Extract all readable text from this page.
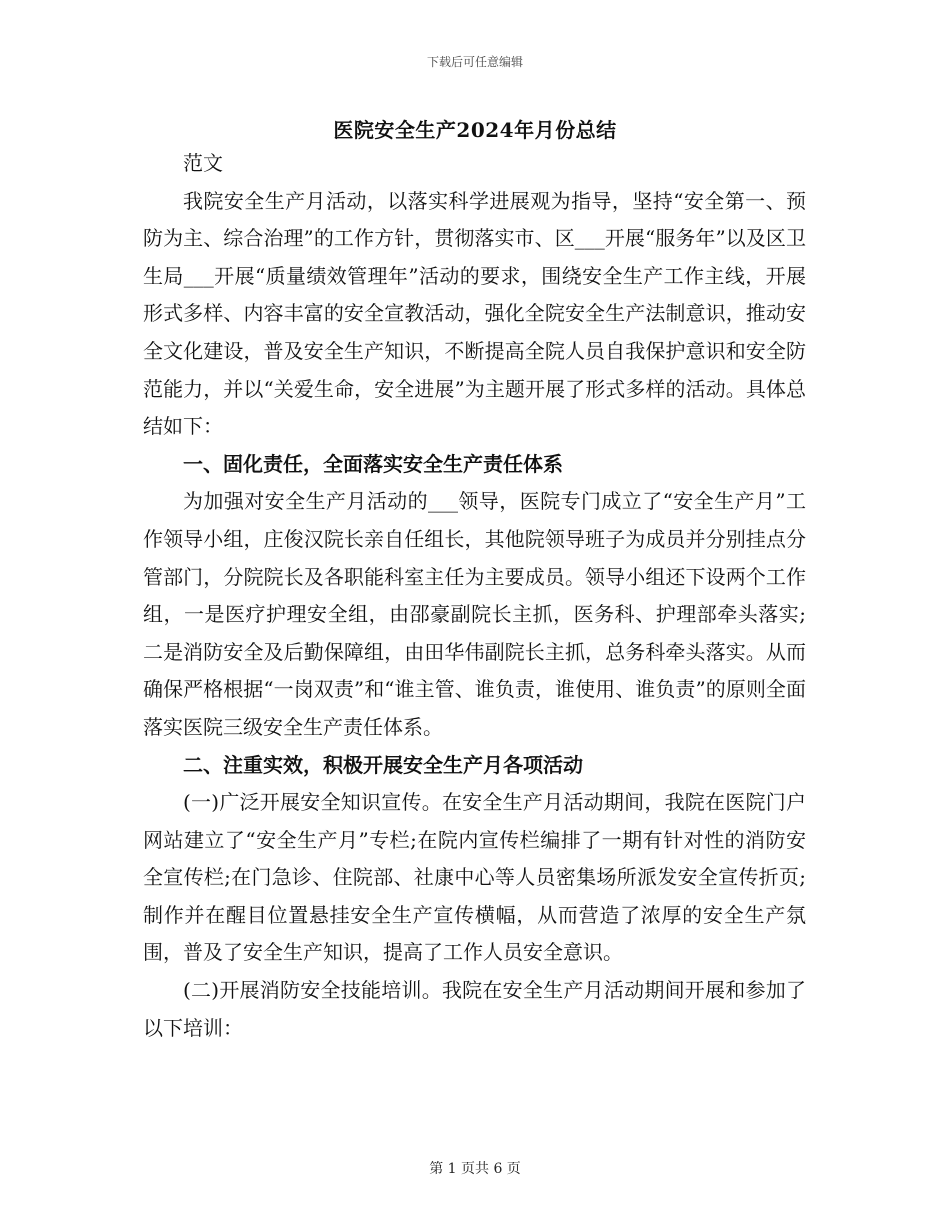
下载后可任意编辑
医院安全生产2024年月份总结

范文

我院安全生产月活动，以落实科学进展观为指导，坚持“安全第一、预防为主、综合治理”的工作方针，贯彻落实市、区___开展“服务年”以及区卫生局___开展“质量绩效管理年”活动的要求，围绕安全生产工作主线，开展形式多样、内容丰富的安全宣教活动，强化全院安全生产法制意识，推动安全文化建设，普及安全生产知识，不断提高全院人员自我保护意识和安全防范能力，并以“关爱生命，安全进展”为主题开展了形式多样的活动。具体总结如下：

一、固化责任，全面落实安全生产责任体系

为加强对安全生产月活动的___领导，医院专门成立了“安全生产月”工作领导小组，庄俊汉院长亲自任组长，其他院领导班子为成员并分别挂点分管部门，分院院长及各职能科室主任为主要成员。领导小组还下设两个工作组，一是医疗护理安全组，由邵豪副院长主抓，医务科、护理部牵头落实;二是消防安全及后勤保障组，由田华伟副院长主抓，总务科牵头落实。从而确保严格根据“一岗双责”和“谁主管、谁负责，谁使用、谁负责”的原则全面落实医院三级安全生产责任体系。

二、注重实效，积极开展安全生产月各项活动

(一)广泛开展安全知识宣传。在安全生产月活动期间，我院在医院门户网站建立了“安全生产月”专栏;在院内宣传栏编排了一期有针对性的消防安全宣传栏;在门急诊、住院部、社康中心等人员密集场所派发安全宣传折页;制作并在醒目位置悬挂安全生产宣传横幅，从而营造了浓厚的安全生产氛围，普及了安全生产知识，提高了工作人员安全意识。

(二)开展消防安全技能培训。我院在安全生产月活动期间开展和参加了以下培训：

第 1 页共 6 页
